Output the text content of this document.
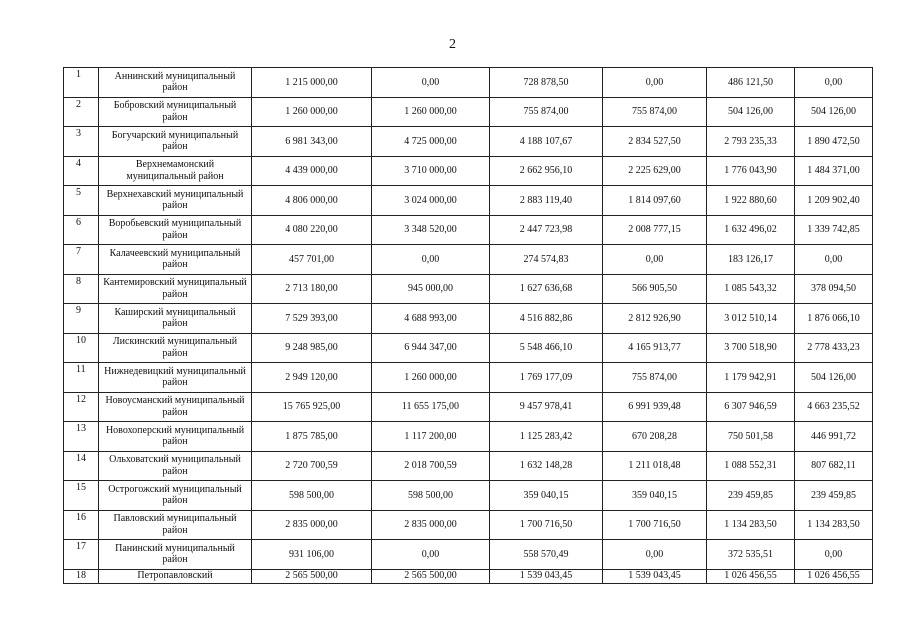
2
1	Аннинский муниципальный район	1 215 000,00	0,00	728 878,50	0,00	486 121,50	0,00
2	Бобровский муниципальный район	1 260 000,00	1 260 000,00	755 874,00	755 874,00	504 126,00	504 126,00
3	Богучарский муниципальный район	6 981 343,00	4 725 000,00	4 188 107,67	2 834 527,50	2 793 235,33	1 890 472,50
4	Верхнемамонский муниципальный район	4 439 000,00	3 710 000,00	2 662 956,10	2 225 629,00	1 776 043,90	1 484 371,00
5	Верхнехавский муниципальный район	4 806 000,00	3 024 000,00	2 883 119,40	1 814 097,60	1 922 880,60	1 209 902,40
6	Воробьевский муниципальный район	4 080 220,00	3 348 520,00	2 447 723,98	2 008 777,15	1 632 496,02	1 339 742,85
7	Калачеевский муниципальный район	457 701,00	0,00	274 574,83	0,00	183 126,17	0,00
8	Кантемировский муниципальный район	2 713 180,00	945 000,00	1 627 636,68	566 905,50	1 085 543,32	378 094,50
9	Каширский муниципальный район	7 529 393,00	4 688 993,00	4 516 882,86	2 812 926,90	3 012 510,14	1 876 066,10
10	Лискинский муниципальный район	9 248 985,00	6 944 347,00	5 548 466,10	4 165 913,77	3 700 518,90	2 778 433,23
11	Нижнедевицкий муниципальный район	2 949 120,00	1 260 000,00	1 769 177,09	755 874,00	1 179 942,91	504 126,00
12	Новоусманский муниципальный район	15 765 925,00	11 655 175,00	9 457 978,41	6 991 939,48	6 307 946,59	4 663 235,52
13	Новохоперский муниципальный район	1 875 785,00	1 117 200,00	1 125 283,42	670 208,28	750 501,58	446 991,72
14	Ольховатский муниципальный район	2 720 700,59	2 018 700,59	1 632 148,28	1 211 018,48	1 088 552,31	807 682,11
15	Острогожский муниципальный район	598 500,00	598 500,00	359 040,15	359 040,15	239 459,85	239 459,85
16	Павловский муниципальный район	2 835 000,00	2 835 000,00	1 700 716,50	1 700 716,50	1 134 283,50	1 134 283,50
17	Панинский муниципальный район	931 106,00	0,00	558 570,49	0,00	372 535,51	0,00
18	Петропавловский	2 565 500,00	2 565 500,00	1 539 043,45	1 539 043,45	1 026 456,55	1 026 456,55
